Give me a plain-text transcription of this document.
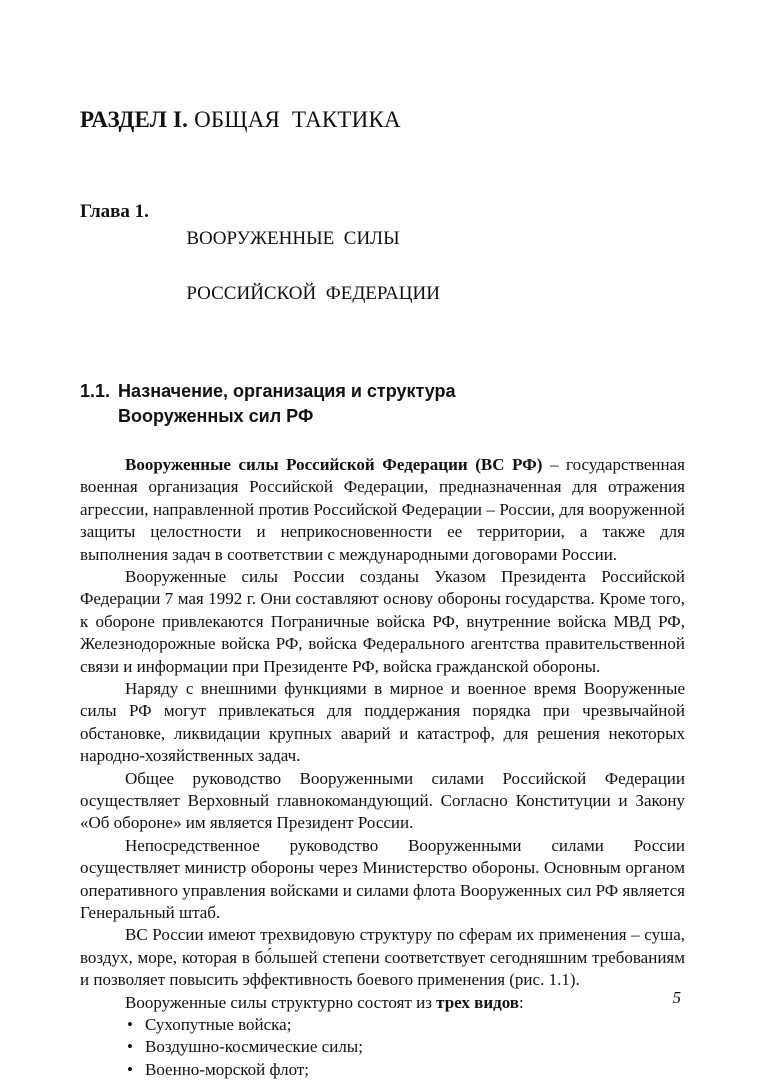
РАЗДЕЛ I. ОБЩАЯ  ТАКТИКА
Глава 1.

ВООРУЖЕННЫЕ  СИЛЫ

РОССИЙСКОЙ  ФЕДЕРАЦИИ

1.1. Назначение, организация и структура
Вооруженных сил РФ

Вооруженные силы Российской Федерации (ВС РФ) – государственная военная организация Российской Федерации, предназначенная для отражения агрессии, направленной против Российской Федерации – России, для вооруженной защиты целостности и неприкосновенности ее территории, а также для выполнения задач в соответствии с международными договорами России.

Вооруженные силы России созданы Указом Президента Российской Федерации 7 мая 1992 г. Они составляют основу обороны государства. Кроме того, к обороне привлекаются Пограничные войска РФ, внутренние войска МВД РФ, Железнодорожные войска РФ, войска Федерального агентства правительственной связи и информации при Президенте РФ, войска гражданской обороны.

Наряду с внешними функциями в мирное и военное время Вооруженные силы РФ могут привлекаться для поддержания порядка при чрезвычайной обстановке, ликвидации крупных аварий и катастроф, для решения некоторых народно-хозяйственных задач.

Общее руководство Вооруженными силами Российской Федерации осуществляет Верховный главнокомандующий. Согласно Конституции и Закону «Об обороне» им является Президент России.

Непосредственное руководство Вооруженными силами России осуществляет министр обороны через Министерство обороны. Основным органом оперативного управления войсками и силами флота Вооруженных сил РФ является Генеральный штаб.

ВС России имеют трехвидовую структуру по сферам их применения – суша, воздух, море, которая в бо́льшей степени соответствует сегодняшним требованиям и позволяет повысить эффективность боевого применения (рис. 1.1).

Вооруженные силы структурно состоят из трех видов:

• Сухопутные войска;
• Воздушно-космические силы;
• Военно-морской флот;
5
